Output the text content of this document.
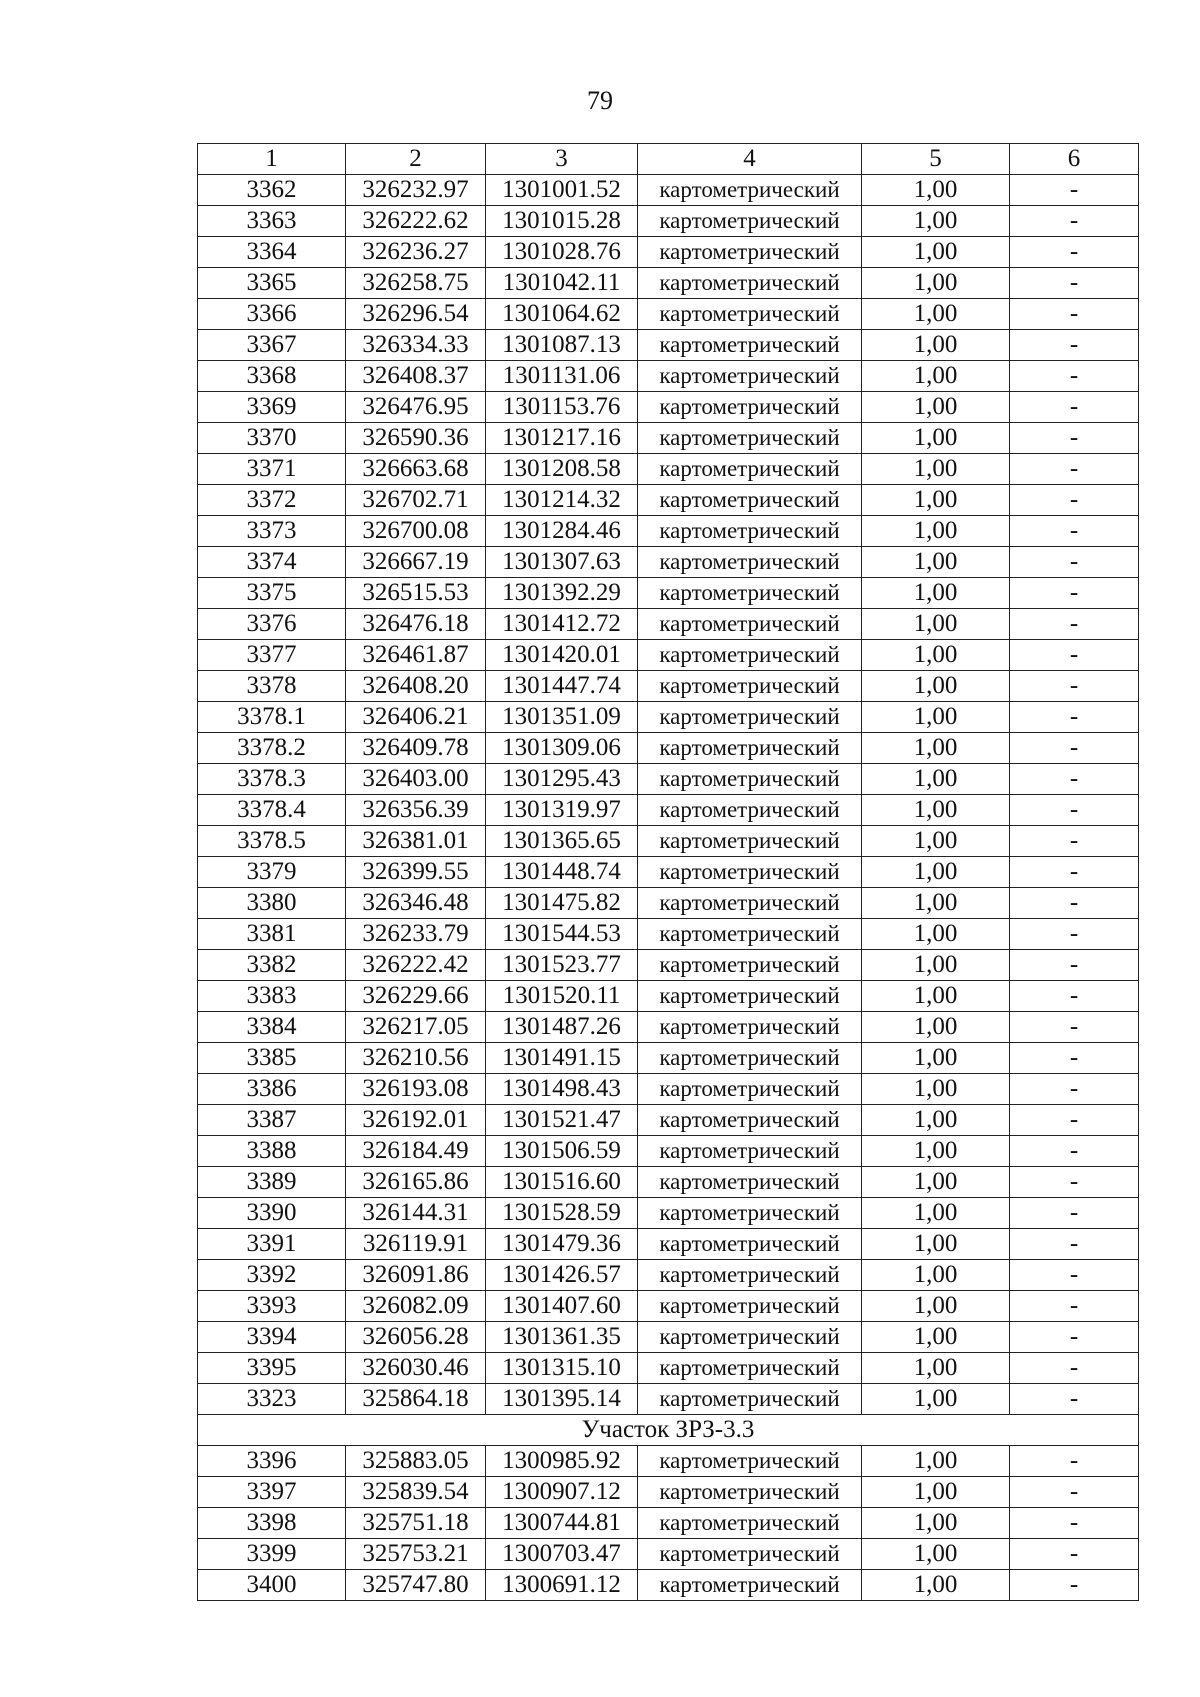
79
1	2	3	4	5	6
3362	326232.97	1301001.52	картометрический	1,00	-
3363	326222.62	1301015.28	картометрический	1,00	-
3364	326236.27	1301028.76	картометрический	1,00	-
3365	326258.75	1301042.11	картометрический	1,00	-
3366	326296.54	1301064.62	картометрический	1,00	-
3367	326334.33	1301087.13	картометрический	1,00	-
3368	326408.37	1301131.06	картометрический	1,00	-
3369	326476.95	1301153.76	картометрический	1,00	-
3370	326590.36	1301217.16	картометрический	1,00	-
3371	326663.68	1301208.58	картометрический	1,00	-
3372	326702.71	1301214.32	картометрический	1,00	-
3373	326700.08	1301284.46	картометрический	1,00	-
3374	326667.19	1301307.63	картометрический	1,00	-
3375	326515.53	1301392.29	картометрический	1,00	-
3376	326476.18	1301412.72	картометрический	1,00	-
3377	326461.87	1301420.01	картометрический	1,00	-
3378	326408.20	1301447.74	картометрический	1,00	-
3378.1	326406.21	1301351.09	картометрический	1,00	-
3378.2	326409.78	1301309.06	картометрический	1,00	-
3378.3	326403.00	1301295.43	картометрический	1,00	-
3378.4	326356.39	1301319.97	картометрический	1,00	-
3378.5	326381.01	1301365.65	картометрический	1,00	-
3379	326399.55	1301448.74	картометрический	1,00	-
3380	326346.48	1301475.82	картометрический	1,00	-
3381	326233.79	1301544.53	картометрический	1,00	-
3382	326222.42	1301523.77	картометрический	1,00	-
3383	326229.66	1301520.11	картометрический	1,00	-
3384	326217.05	1301487.26	картометрический	1,00	-
3385	326210.56	1301491.15	картометрический	1,00	-
3386	326193.08	1301498.43	картометрический	1,00	-
3387	326192.01	1301521.47	картометрический	1,00	-
3388	326184.49	1301506.59	картометрический	1,00	-
3389	326165.86	1301516.60	картометрический	1,00	-
3390	326144.31	1301528.59	картометрический	1,00	-
3391	326119.91	1301479.36	картометрический	1,00	-
3392	326091.86	1301426.57	картометрический	1,00	-
3393	326082.09	1301407.60	картометрический	1,00	-
3394	326056.28	1301361.35	картометрический	1,00	-
3395	326030.46	1301315.10	картометрический	1,00	-
3323	325864.18	1301395.14	картометрический	1,00	-
Участок ЗРЗ-3.3					
3396	325883.05	1300985.92	картометрический	1,00	-
3397	325839.54	1300907.12	картометрический	1,00	-
3398	325751.18	1300744.81	картометрический	1,00	-
3399	325753.21	1300703.47	картометрический	1,00	-
3400	325747.80	1300691.12	картометрический	1,00	-
